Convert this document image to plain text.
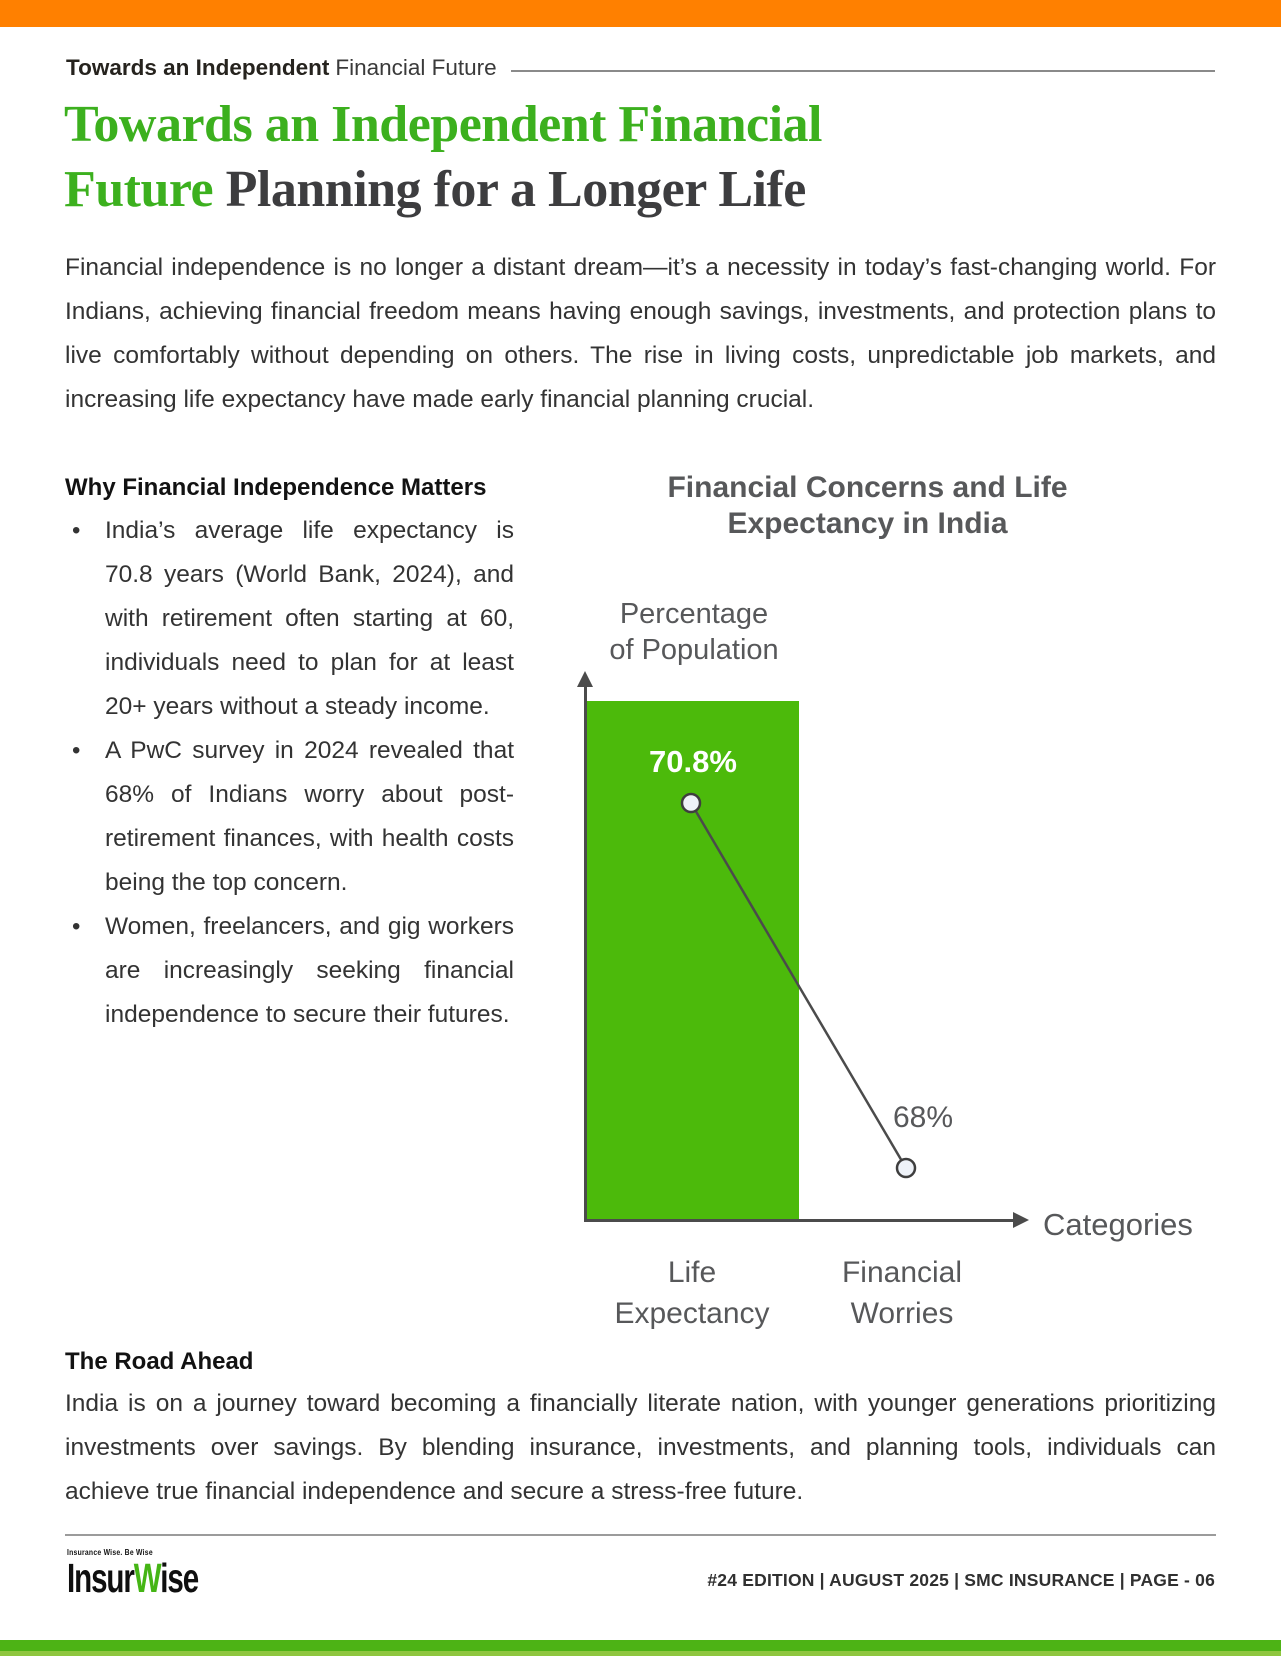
Towards an Independent Financial Future
Towards an Independent Financial
Future Planning for a Longer Life

Financial independence is no longer a distant dream—it’s a necessity in today’s fast-changing world. For Indians, achieving financial freedom means having enough savings, investments, and protection plans to live comfortably without depending on others. The rise in living costs, unpredictable job markets, and increasing life expectancy have made early financial planning crucial.

Why Financial Independence Matters
•	India’s average life expectancy is 70.8 years (World Bank, 2024), and with retirement often starting at 60, individuals need to plan for at least 20+ years without a steady income.
•	A PwC survey in 2024 revealed that 68% of Indians worry about post-retirement finances, with health costs being the top concern.
•	Women, freelancers, and gig workers are increasingly seeking financial independence to secure their futures.
Financial Concerns and Life
Expectancy in India
Percentage
of Population
70.8%
68%
Categories
Life
Expectancy
Financial
Worries
The Road Ahead

India is on a journey toward becoming a financially literate nation, with younger generations prioritizing investments over savings. By blending insurance, investments, and planning tools, individuals can achieve true financial independence and secure a stress-free future.

Insurance Wise. Be Wise
InsurWise	#24 EDITION | AUGUST 2025 | SMC INSURANCE | PAGE - 06
